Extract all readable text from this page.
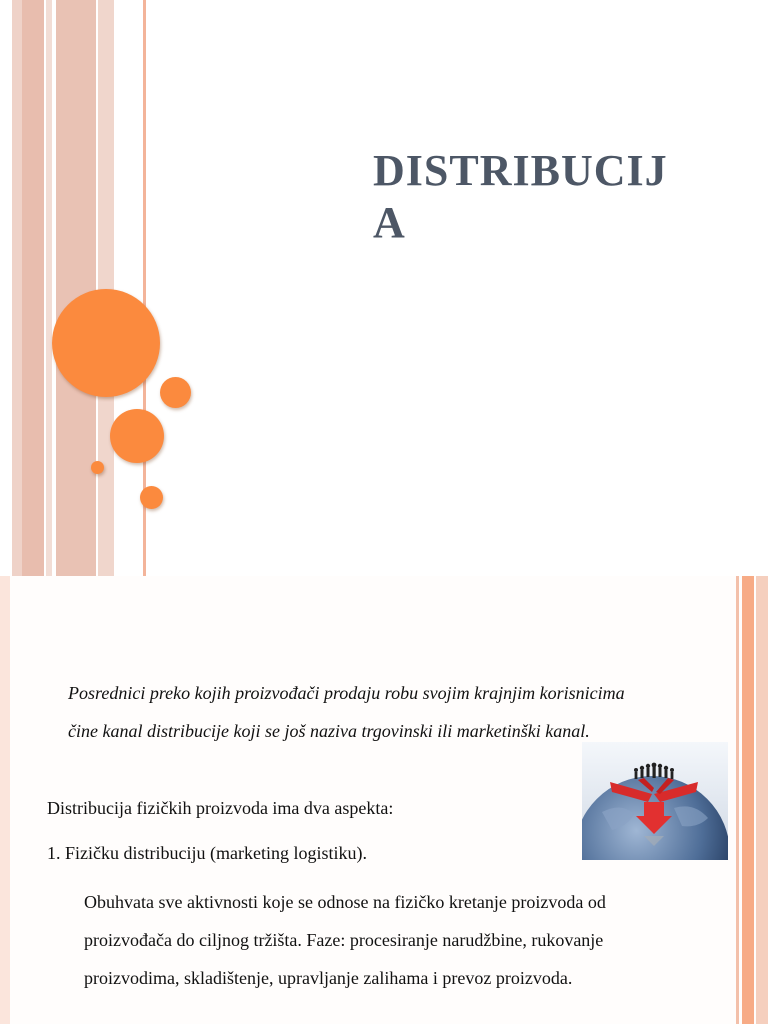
DISTRIBUCIJA

Posrednici preko kojih proizvođači prodaju robu svojim krajnjim korisnicima čine kanal distribucije koji se još naziva trgovinski ili marketinški kanal.

Distribucija fizičkih proizvoda ima dva aspekta:

1. Fizičku distribuciju (marketing logistiku).

Obuhvata sve aktivnosti koje se odnose na fizičko kretanje proizvoda od proizvođača do ciljnog tržišta. Faze: procesiranje narudžbine, rukovanje proizvodima, skladištenje, upravljanje zalihama i prevoz proizvoda.
